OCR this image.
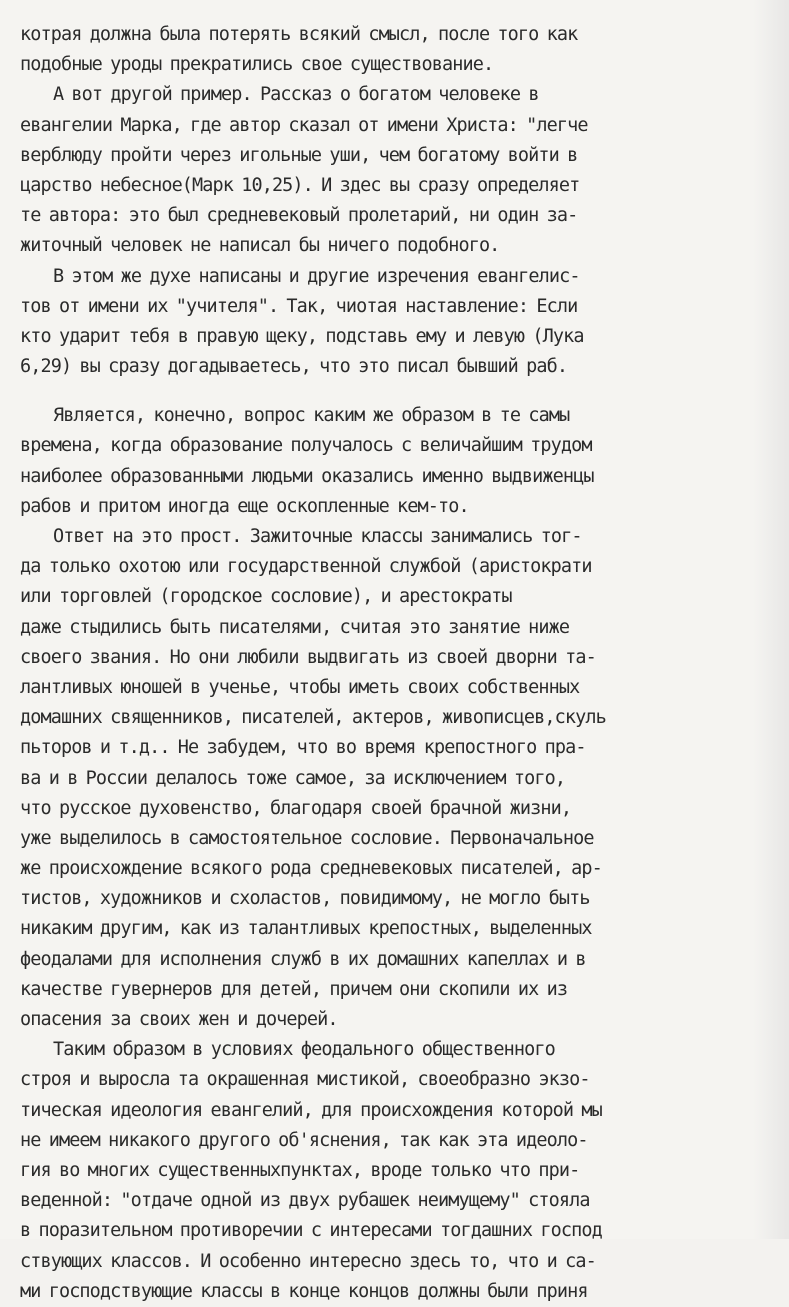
котрая должна была потерять всякий смысл, после того как
подобные уроды прекратились свое существование.
А вот другой пример. Рассказ о богатом человеке в
евангелии Марка, где автор сказал от имени Христа: "легче
верблюду пройти через игольные уши, чем богатому войти в
царство небесное(Марк 10,25). И здес вы сразу определяет
те автора: это был средневековый пролетарий, ни один за-
житочный человек не написал бы ничего подобного.
В этом же духе написаны и другие изречения евангелис-
тов от имени их "учителя". Так, чиотая наставление: Если
кто ударит тебя в правую щеку, подставь ему и левую (Лука
6,29) вы сразу догадываетесь, что это писал бывший раб.
Является, конечно, вопрос каким же образом в те самы
времена, когда образование получалось с величайшим трудом
наиболее образованными людьми оказались именно выдвиженцы
рабов и притом иногда еще оскопленные кем-то.
Ответ на это прост. Зажиточные классы занимались тог-
да только охотою или государственной службой (аристократи
или торговлей (городское сословие), и арестократы
даже стыдились быть писателями, считая это занятие ниже
своего звания. Но они любили выдвигать из своей дворни та-
лантливых юношей в ученье, чтобы иметь своих собственных
домашних священников, писателей, актеров, живописцев,скуль
пьторов и т.д.. Не забудем, что во время крепостного пра-
ва и в России делалось тоже самое, за исключением того,
что русское духовенство, благодаря своей брачной жизни,
уже выделилось в самостоятельное сословие. Первоначальное
же происхождение всякого рода средневековых писателей, ар-
тистов, художников и схоластов, повидимому, не могло быть
никаким другим, как из талантливых крепостных, выделенных
феодалами для исполнения служб в их домашних капеллах и в
качестве гувернеров для детей, причем они скопили их из
опасения за своих жен и дочерей.
Таким образом в условиях феодального общественного
строя и выросла та окрашенная мистикой, своеобразно экзо-
тическая идеология евангелий, для происхождения которой мы
не имеем никакого другого об'яснения, так как эта идеоло-
гия во многих существенныхпунктах, вроде только что при-
веденной: "отдаче одной из двух рубашек неимущему" стояла
в поразительном противоречии с интересами тогдашних господ
ствующих классов. И особенно интересно здесь то, что и са-
ми господствующие классы в конце концов должны были приня
